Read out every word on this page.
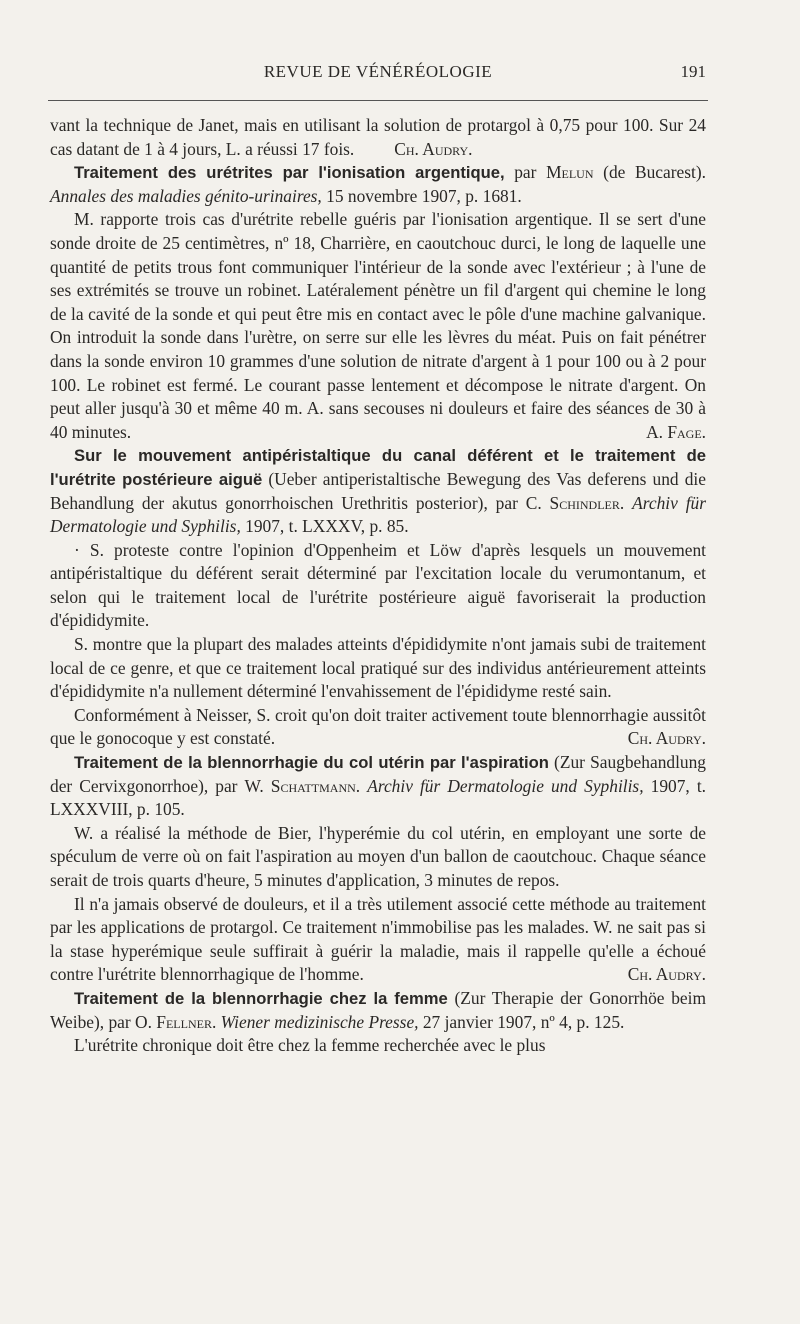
REVUE DE VÉNÉRÉOLOGIE	191

vant la technique de Janet, mais en utilisant la solution de protargol à 0,75 pour 100. Sur 24 cas datant de 1 à 4 jours, L. a réussi 17 fois. Ch. Audry.

Traitement des urétrites par l'ionisation argentique, par Melun (de Bucarest). Annales des maladies génito-urinaires, 15 novembre 1907, p. 1681.

M. rapporte trois cas d'urétrite rebelle guéris par l'ionisation argentique. Il se sert d'une sonde droite de 25 centimètres, nº 18, Charrière, en caoutchouc durci, le long de laquelle une quantité de petits trous font communiquer l'intérieur de la sonde avec l'extérieur ; à l'une de ses extrémités se trouve un robinet. Latéralement pénètre un fil d'argent qui chemine le long de la cavité de la sonde et qui peut être mis en contact avec le pôle d'une machine galvanique. On introduit la sonde dans l'urètre, on serre sur elle les lèvres du méat. Puis on fait pénétrer dans la sonde environ 10 grammes d'une solution de nitrate d'argent à 1 pour 100 ou à 2 pour 100. Le robinet est fermé. Le courant passe lentement et décompose le nitrate d'argent. On peut aller jusqu'à 30 et même 40 m. A. sans secouses ni douleurs et faire des séances de 30 à 40 minutes.	A. Fage.

Sur le mouvement antipéristaltique du canal déférent et le traitement de l'urétrite postérieure aiguë (Ueber antiperistaltische Bewegung des Vas deferens und die Behandlung der akutus gonorrhoischen Urethritis posterior), par C. Schindler. Archiv für Dermatologie und Syphilis, 1907, t. LXXXV, p. 85.

· S. proteste contre l'opinion d'Oppenheim et Löw d'après lesquels un mouvement antipéristaltique du déférent serait déterminé par l'excitation locale du verumontanum, et selon qui le traitement local de l'urétrite postérieure aiguë favoriserait la production d'épididymite.

S. montre que la plupart des malades atteints d'épididymite n'ont jamais subi de traitement local de ce genre, et que ce traitement local pratiqué sur des individus antérieurement atteints d'épididymite n'a nullement déterminé l'envahissement de l'épididyme resté sain.

Conformément à Neisser, S. croit qu'on doit traiter activement toute blennorrhagie aussitôt que le gonocoque y est constaté.	Ch. Audry.

Traitement de la blennorrhagie du col utérin par l'aspiration (Zur Saugbehandlung der Cervixgonorrhoe), par W. Schattmann. Archiv für Dermatologie und Syphilis, 1907, t. LXXXVIII, p. 105.

W. a réalisé la méthode de Bier, l'hyperémie du col utérin, en employant une sorte de spéculum de verre où on fait l'aspiration au moyen d'un ballon de caoutchouc. Chaque séance serait de trois quarts d'heure, 5 minutes d'application, 3 minutes de repos.

Il n'a jamais observé de douleurs, et il a très utilement associé cette méthode au traitement par les applications de protargol. Ce traitement n'immobilise pas les malades. W. ne sait pas si la stase hyperémique seule suffirait à guérir la maladie, mais il rappelle qu'elle a échoué contre l'urétrite blennorrhagique de l'homme.	Ch. Audry.

Traitement de la blennorrhagie chez la femme (Zur Therapie der Gonorrhöe beim Weibe), par O. Fellner. Wiener medizinische Presse, 27 janvier 1907, nº 4, p. 125.

L'urétrite chronique doit être chez la femme recherchée avec le plus
